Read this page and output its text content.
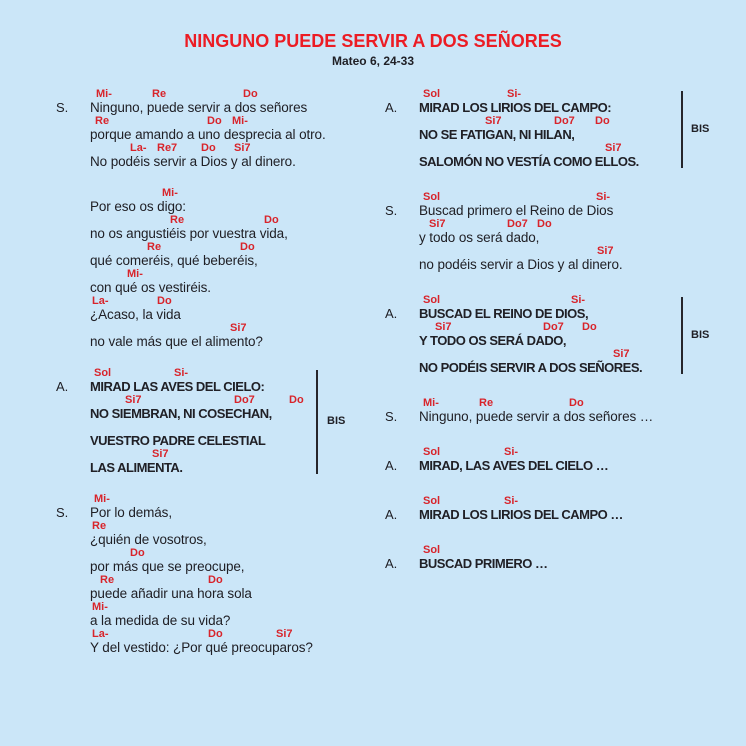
NINGUNO PUEDE SERVIR A DOS SEÑORES
Mateo 6, 24-33
S.
Mi-	Re	Do
Ninguno, puede servir a dos señores
Re	Do Mi-
porque amando a uno desprecia al otro.
La- Re7 Do Si7
No podéis servir a Dios y al dinero.
Mi-
Por eso os digo:
Re	Do
no os angustiéis por vuestra vida,
Re	Do
qué comeréis, qué beberéis,
Mi-
con qué os vestiréis.
La-	Do
¿Acaso, la vida
Si7
no vale más que el alimento?
A.
Sol	Si-
MIRAD LAS AVES DEL CIELO:
Si7	Do7	Do
NO SIEMBRAN, NI COSECHAN,
VUESTRO PADRE CELESTIAL
Si7
LAS ALIMENTA.
BIS
S.
Mi-
Por lo demás,
Re
¿quién de vosotros,
Do
por más que se preocupe,
Re	Do
puede añadir una hora sola
Mi-
a la medida de su vida?
La-	Do	Si7
Y del vestido: ¿Por qué preocuparos?
A.
Sol	Si-
MIRAD LOS LIRIOS DEL CAMPO:
Si7	Do7 Do
NO SE FATIGAN, NI HILAN,
Si7
SALOMÓN NO VESTÍA COMO ELLOS.
BIS
S.
Sol	Si-
Buscad primero el Reino de Dios
Si7	Do7 Do
y todo os será dado,
Si7
no podéis servir a Dios y al dinero.
A.
Sol	Si-
BUSCAD EL REINO DE DIOS,
Si7	Do7 Do
Y TODO OS SERÁ DADO,
Si7
NO PODÉIS SERVIR A DOS SEÑORES.
BIS
S.
Mi-	Re	Do
Ninguno, puede servir a dos señores …
A.
Sol	Si-
MIRAD, LAS AVES DEL CIELO …
A.
Sol	Si-
MIRAD LOS LIRIOS DEL CAMPO …
A.
Sol
BUSCAD PRIMERO …
